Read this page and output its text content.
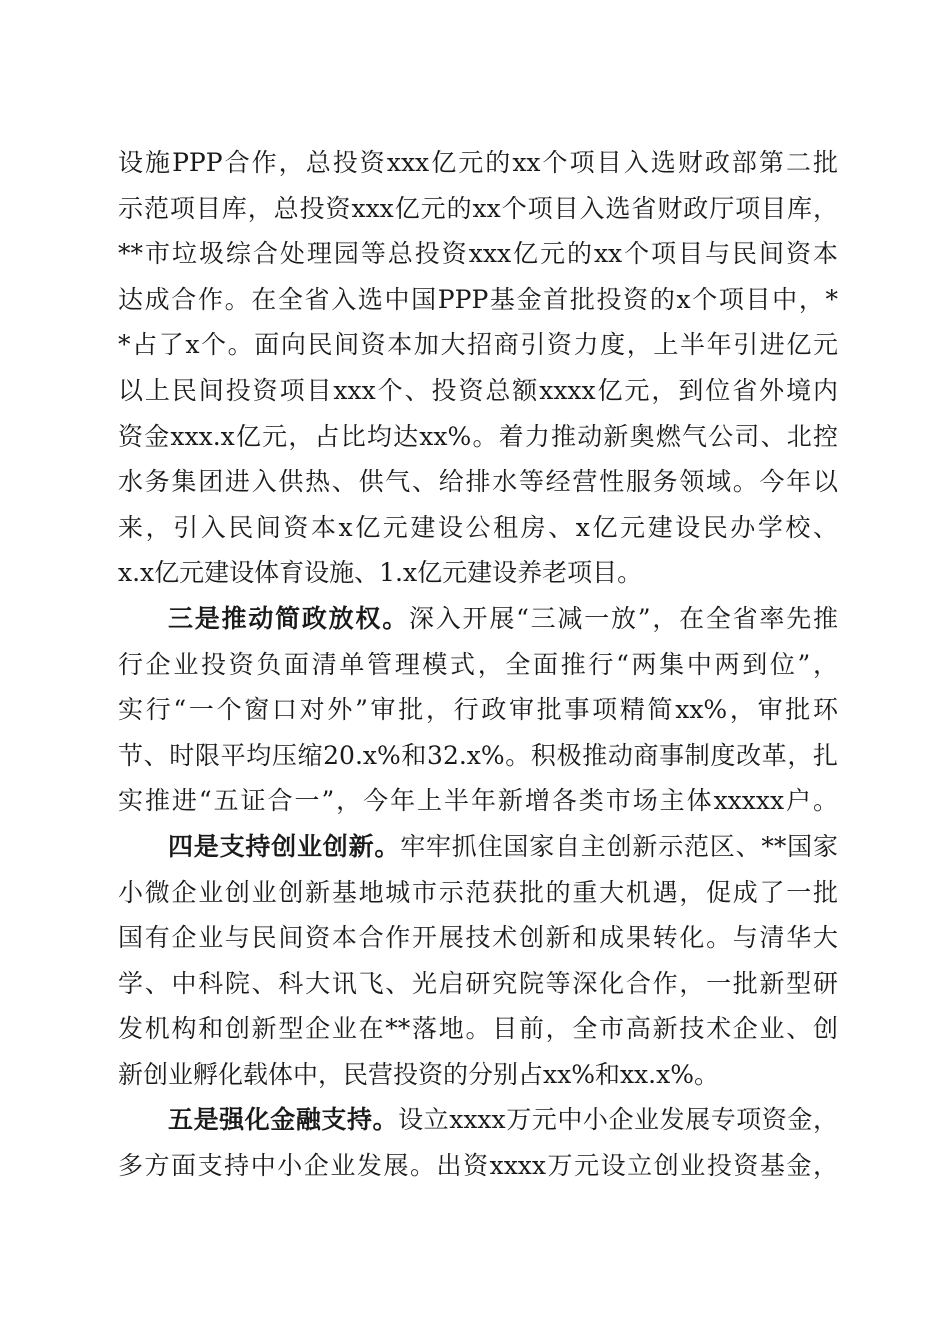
设施PPP合作，总投资xxx亿元的xx个项目入选财政部第二批
示范项目库，总投资xxx亿元的xx个项目入选省财政厅项目库，
**市垃圾综合处理园等总投资xxx亿元的xx个项目与民间资本
达成合作。在全省入选中国PPP基金首批投资的x个项目中，*
*占了x个。面向民间资本加大招商引资力度，上半年引进亿元
以上民间投资项目xxx个、投资总额xxxx亿元，到位省外境内
资金xxx.x亿元，占比均达xx%。着力推动新奥燃气公司、北控
水务集团进入供热、供气、给排水等经营性服务领域。今年以
来，引入民间资本x亿元建设公租房、x亿元建设民办学校、
x.x亿元建设体育设施、1.x亿元建设养老项目。
三是推动简政放权。深入开展“三减一放”，在全省率先推
行企业投资负面清单管理模式，全面推行“两集中两到位”，
实行“一个窗口对外”审批，行政审批事项精简xx%，审批环
节、时限平均压缩20.x%和32.x%。积极推动商事制度改革，扎
实推进“五证合一”，今年上半年新增各类市场主体xxxxx户。
四是支持创业创新。牢牢抓住国家自主创新示范区、**国家
小微企业创业创新基地城市示范获批的重大机遇，促成了一批
国有企业与民间资本合作开展技术创新和成果转化。与清华大
学、中科院、科大讯飞、光启研究院等深化合作，一批新型研
发机构和创新型企业在**落地。目前，全市高新技术企业、创
新创业孵化载体中，民营投资的分别占xx%和xx.x%。
五是强化金融支持。设立xxxx万元中小企业发展专项资金，
多方面支持中小企业发展。出资xxxx万元设立创业投资基金，
